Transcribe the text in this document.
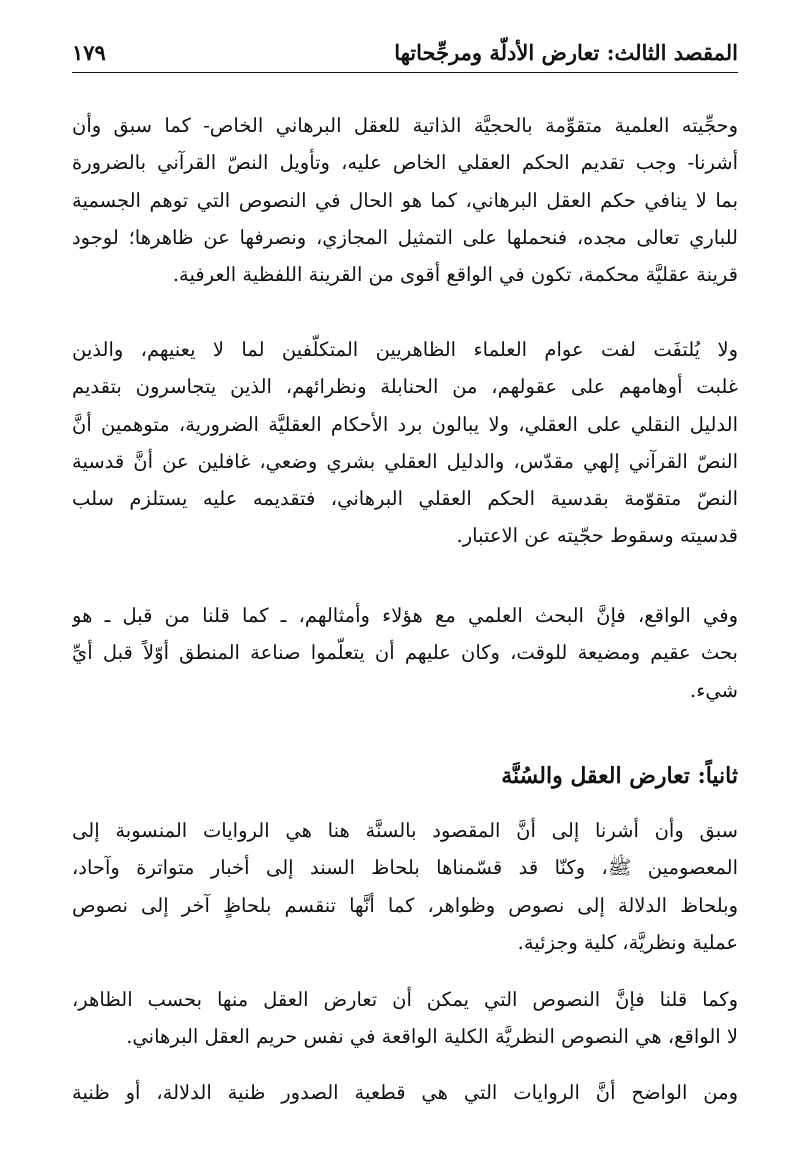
المقصد الثالث: تعارض الأدلّة ومرجِّحاتها
١٧٩
وحجِّيته العلمية متقوِّمة بالحجيَّة الذاتية للعقل البرهاني الخاص- كما سبق وأن
أشرنا- وجب تقديم الحكم العقلي الخاص عليه، وتأويل النصّ القرآني بالضرورة
بما لا ينافي حكم العقل البرهاني، كما هو الحال في النصوص التي توهم الجسمية
للباري تعالى مجده، فنحملها على التمثيل المجازي، ونصرفها عن ظاهرها؛ لوجود
قرينة عقليَّة محكمة، تكون في الواقع أقوى من القرينة اللفظية العرفية.
ولا يُلتفَت لفت عوام العلماء الظاهريين المتكلّفين لما لا يعنيهم، والذين
غلبت أوهامهم على عقولهم، من الحنابلة ونظرائهم، الذين يتجاسرون بتقديم
الدليل النقلي على العقلي، ولا يبالون برد الأحكام العقليَّة الضرورية، متوهمين أنَّ
النصّ القرآني إلهي مقدّس، والدليل العقلي بشري وضعي، غافلين عن أنَّ قدسية
النصّ متقوّمة بقدسية الحكم العقلي البرهاني، فتقديمه عليه يستلزم سلب
قدسيته وسقوط حجّيته عن الاعتبار.
وفي الواقع، فإنَّ البحث العلمي مع هؤلاء وأمثالهم، ـ كما قلنا من قبل ـ هو
بحث عقيم ومضيعة للوقت، وكان عليهم أن يتعلّموا صناعة المنطق أوّلاً قبل أيِّ
شيء.
ثانياً: تعارض العقل والسُنَّة
سبق وأن أشرنا إلى أنَّ المقصود بالسنَّة هنا هي الروايات المنسوبة إلى
المعصومين ﷺ، وكنّا قد قسّمناها بلحاظ السند إلى أخبار متواترة وآحاد،
وبلحاظ الدلالة إلى نصوص وظواهر، كما أنَّها تنقسم بلحاظٍ آخر إلى نصوص
عملية ونظريَّة، كلية وجزئية.
وكما قلنا فإنَّ النصوص التي يمكن أن تعارض العقل منها بحسب الظاهر،
لا الواقع، هي النصوص النظريَّة الكلية الواقعة في نفس حريم العقل البرهاني.
ومن الواضح أنَّ الروايات التي هي قطعية الصدور ظنية الدلالة، أو ظنية
